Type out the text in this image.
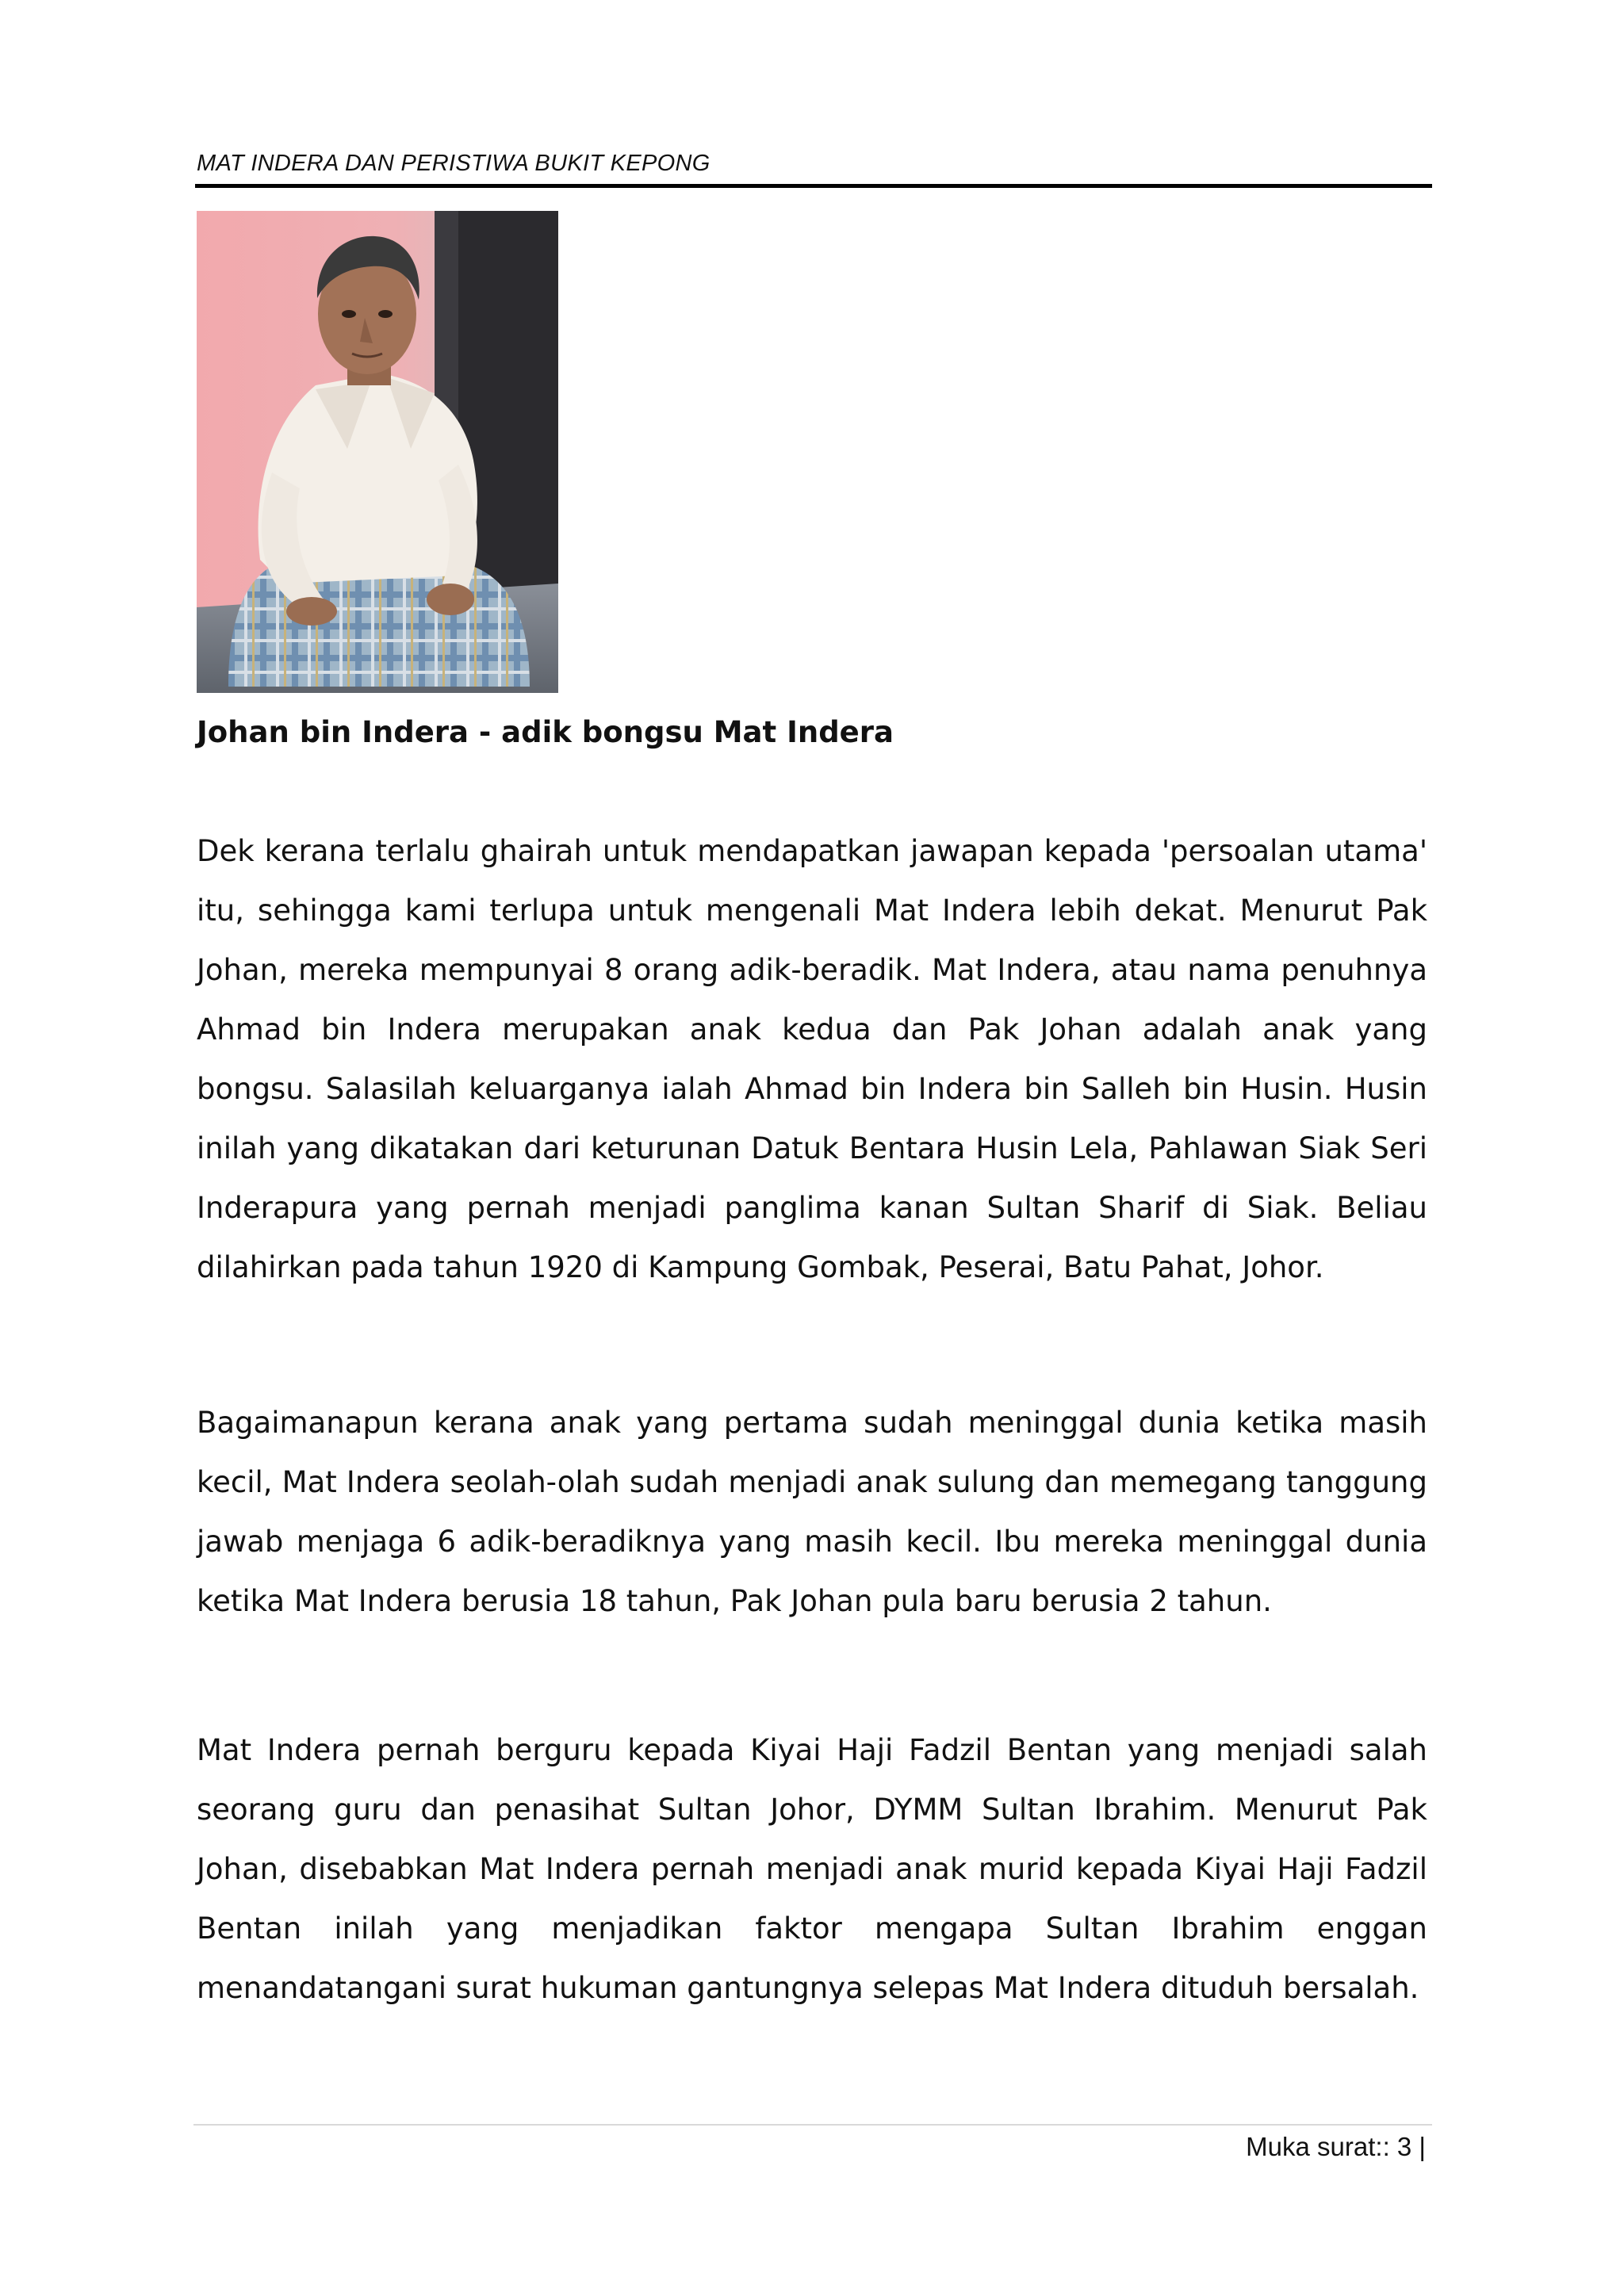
MAT INDERA DAN PERISTIWA BUKIT KEPONG
Johan bin Indera - adik bongsu Mat Indera

Dek kerana terlalu ghairah untuk mendapatkan jawapan kepada 'persoalan utama' itu, sehingga kami terlupa untuk mengenali Mat Indera lebih dekat. Menurut Pak Johan, mereka mempunyai 8 orang adik-beradik. Mat Indera, atau nama penuhnya Ahmad bin Indera merupakan anak kedua dan Pak Johan adalah anak yang bongsu. Salasilah keluarganya ialah Ahmad bin Indera bin Salleh bin Husin. Husin inilah yang dikatakan dari keturunan Datuk Bentara Husin Lela, Pahlawan Siak Seri Inderapura yang pernah menjadi panglima kanan Sultan Sharif di Siak. Beliau dilahirkan pada tahun 1920 di Kampung Gombak, Peserai, Batu Pahat, Johor.

Bagaimanapun kerana anak yang pertama sudah meninggal dunia ketika masih kecil, Mat Indera seolah-olah sudah menjadi anak sulung dan memegang tanggung jawab menjaga 6 adik-beradiknya yang masih kecil. Ibu mereka meninggal dunia ketika Mat Indera berusia 18 tahun, Pak Johan pula baru berusia 2 tahun.

Mat Indera pernah berguru kepada Kiyai Haji Fadzil Bentan yang menjadi salah seorang guru dan penasihat Sultan Johor, DYMM Sultan Ibrahim. Menurut Pak Johan, disebabkan Mat Indera pernah menjadi anak murid kepada Kiyai Haji Fadzil Bentan inilah yang menjadikan faktor mengapa Sultan Ibrahim enggan menandatangani surat hukuman gantungnya selepas Mat Indera dituduh bersalah.

Muka surat:: 3 |
